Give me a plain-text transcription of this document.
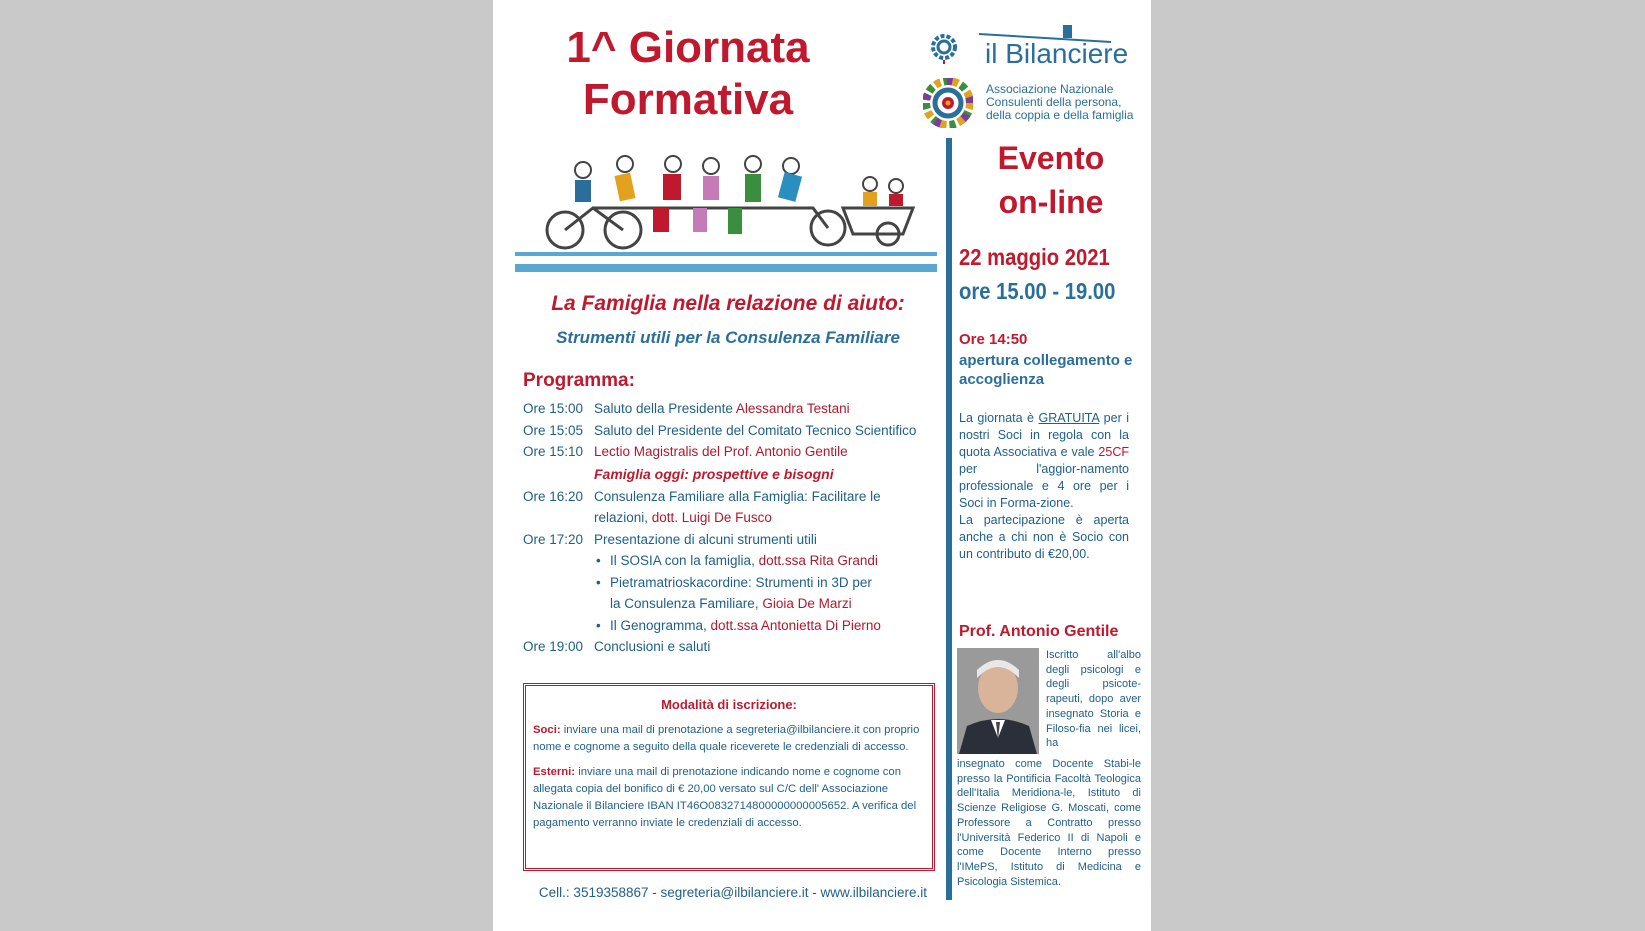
1^ Giornata
Formativa
il Bilanciere
Associazione Nazionale
Consulenti della persona,
della coppia e della famiglia
La Famiglia nella relazione di aiuto:
Strumenti utili per la Consulenza Familiare
Programma:
Ore 15:00 Saluto della Presidente Alessandra Testani
Ore 15:05 Saluto del Presidente del Comitato Tecnico Scientifico
Ore 15:10 Lectio Magistralis del Prof. Antonio Gentile
Famiglia oggi: prospettive e bisogni
Ore 16:20 Consulenza Familiare alla Famiglia: Facilitare le
relazioni, dott. Luigi De Fusco
Ore 17:20 Presentazione di alcuni strumenti utili
• Il SOSIA con la famiglia, dott.ssa Rita Grandi
• Pietramatrioskacordine: Strumenti in 3D per
la Consulenza Familiare, Gioia De Marzi
• Il Genogramma, dott.ssa Antonietta Di Pierno
Ore 19:00 Conclusioni e saluti
Modalità di iscrizione:

Soci: inviare una mail di prenotazione a segreteria@ilbilanciere.it con proprio nome e cognome a seguito della quale riceverete le credenziali di accesso.

Esterni: inviare una mail di prenotazione indicando nome e cognome con allegata copia del bonifico di € 20,00 versato sul C/C dell' Associazione Nazionale il Bilanciere IBAN IT46O0832714800000000005652. A verifica del pagamento verranno inviate le credenziali di accesso.

Cell.: 3519358867 - segreteria@ilbilanciere.it - www.ilbilanciere.it
Evento
on-line
22 maggio 2021
ore 15.00 - 19.00
Ore 14:50
apertura collegamento e accoglienza
La giornata è GRATUITA per i nostri Soci in regola con la quota Associativa e vale 25CF per l'aggior-namento professionale e 4 ore per i Soci in Forma-zione.
La partecipazione è aperta anche a chi non è Socio con un contributo di €20,00.
Prof. Antonio Gentile
Iscritto all'albo degli psicologi e degli psicote-rapeuti, dopo aver insegnato Storia e Filoso-fia nei licei, ha
insegnato come Docente Stabi-le presso la Pontificia Facoltà Teologica dell'Italia Meridiona-le, Istituto di Scienze Religiose G. Moscati, come Professore a Contratto presso l'Università Federico II di Napoli e come Docente Interno presso l'IMePS, Istituto di Medicina e Psicologia Sistemica.
